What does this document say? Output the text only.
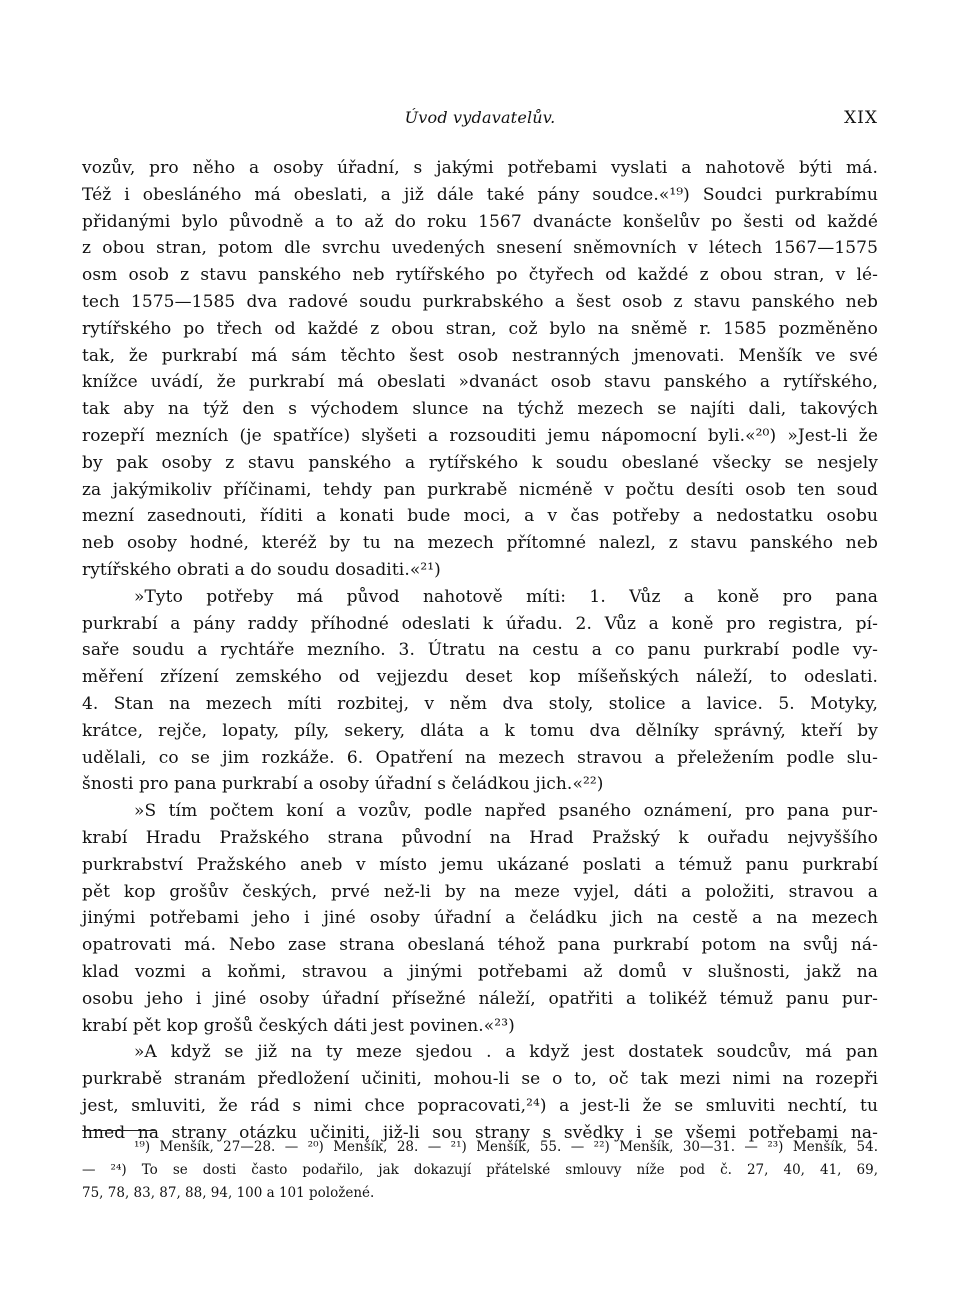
Úvod vydavatelův.	XIX
vozův, pro něho a osoby úřadní, s jakými potřebami vyslati a nahotově býti má.
Též i obesláného má obeslati, a již dále také pány soudce.«¹⁹) Soudci purkrabímu
přidanými bylo původně a to až do roku 1567 dvanácte konšelův po šesti od každé
z obou stran, potom dle svrchu uvedených snesení sněmovních v létech 1567—1575
osm osob z stavu panského neb rytířského po čtyřech od každé z obou stran, v lé-
tech 1575—1585 dva radové soudu purkrabského a šest osob z stavu panského neb
rytířského po třech od každé z obou stran, což bylo na sněmě r. 1585 pozměněno
tak, že purkrabí má sám těchto šest osob nestranných jmenovati. Menšík ve své
knížce uvádí, že purkrabí má obeslati »dvanáct osob stavu panského a rytířského,
tak aby na týž den s východem slunce na týchž mezech se najíti dali, takových
rozepří mezních (je spatříce) slyšeti a rozsouditi jemu nápomocní byli.«²⁰) »Jest-li že
by pak osoby z stavu panského a rytířského k soudu obeslané všecky se nesjely
za jakýmikoliv příčinami, tehdy pan purkrabě nicméně v počtu desíti osob ten soud
mezní zasednouti, říditi a konati bude moci, a v čas potřeby a nedostatku osobu
neb osoby hodné, kteréž by tu na mezech přítomné nalezl, z stavu panského neb
rytířského obrati a do soudu dosaditi.«²¹)
»Tyto potřeby má původ nahotově míti: 1. Vůz a koně pro pana
purkrabí a pány raddy příhodné odeslati k úřadu. 2. Vůz a koně pro registra, pí-
saře soudu a rychtáře mezního. 3. Útratu na cestu a co panu purkrabí podle vy-
měření zřízení zemského od vejjezdu deset kop míšeňských náleží, to odeslati.
4. Stan na mezech míti rozbitej, v něm dva stoly, stolice a lavice. 5. Motyky,
krátce, rejče, lopaty, píly, sekery, dláta a k tomu dva dělníky správný, kteří by
udělali, co se jim rozkáže. 6. Opatření na mezech stravou a přeležením podle slu-
šnosti pro pana purkrabí a osoby úřadní s čeládkou jich.«²²)
»S tím počtem koní a vozův, podle napřed psaného oznámení, pro pana pur-
krabí Hradu Pražského strana původní na Hrad Pražský k ouřadu nejvyššího
purkrabství Pražského aneb v místo jemu ukázané poslati a témuž panu purkrabí
pět kop grošův českých, prvé než-li by na meze vyjel, dáti a položiti, stravou a
jinými potřebami jeho i jiné osoby úřadní a čeládku jich na cestě a na mezech
opatrovati má. Nebo zase strana obeslaná téhož pana purkrabí potom na svůj ná-
klad vozmi a koňmi, stravou a jinými potřebami až domů v slušnosti, jakž na
osobu jeho i jiné osoby úřadní přísežné náleží, opatřiti a tolikéž témuž panu pur-
krabí pět kop grošů českých dáti jest povinen.«²³)
»A když se již na ty meze sjedou . a když jest dostatek soudcův, má pan
purkrabě stranám předložení učiniti, mohou-li se o to, oč tak mezi nimi na rozepři
jest, smluviti, že rád s nimi chce popracovati,²⁴) a jest-li že se smluviti nechtí, tu
hned na strany otázku učiniti, již-li sou strany s svědky i se všemi potřebami na-
¹⁹) Menšík, 27—28. — ²⁰) Menšík, 28. — ²¹) Menšík, 55. — ²²) Menšík, 30—31. — ²³) Menšík, 54.
— ²⁴) To se dosti často podařilo, jak dokazují přátelské smlouvy níže pod č. 27, 40, 41, 69,
75, 78, 83, 87, 88, 94, 100 a 101 položené.
